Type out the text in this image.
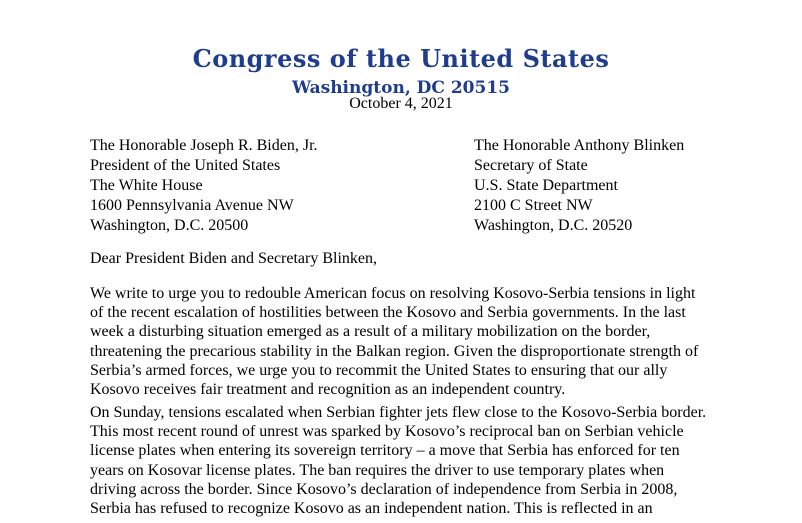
Congress of the United States
Washington, DC 20515
October 4, 2021
The Honorable Joseph R. Biden, Jr.
President of the United States
The White House
1600 Pennsylvania Avenue NW
Washington, D.C. 20500
The Honorable Anthony Blinken
Secretary of State
U.S. State Department
2100 C Street NW
Washington, D.C. 20520
Dear President Biden and Secretary Blinken,
We write to urge you to redouble American focus on resolving Kosovo-Serbia tensions in light
of the recent escalation of hostilities between the Kosovo and Serbia governments. In the last
week a disturbing situation emerged as a result of a military mobilization on the border,
threatening the precarious stability in the Balkan region. Given the disproportionate strength of
Serbia’s armed forces, we urge you to recommit the United States to ensuring that our ally
Kosovo receives fair treatment and recognition as an independent country.
On Sunday, tensions escalated when Serbian fighter jets flew close to the Kosovo-Serbia border.
This most recent round of unrest was sparked by Kosovo’s reciprocal ban on Serbian vehicle
license plates when entering its sovereign territory – a move that Serbia has enforced for ten
years on Kosovar license plates. The ban requires the driver to use temporary plates when
driving across the border. Since Kosovo’s declaration of independence from Serbia in 2008,
Serbia has refused to recognize Kosovo as an independent nation. This is reflected in an
